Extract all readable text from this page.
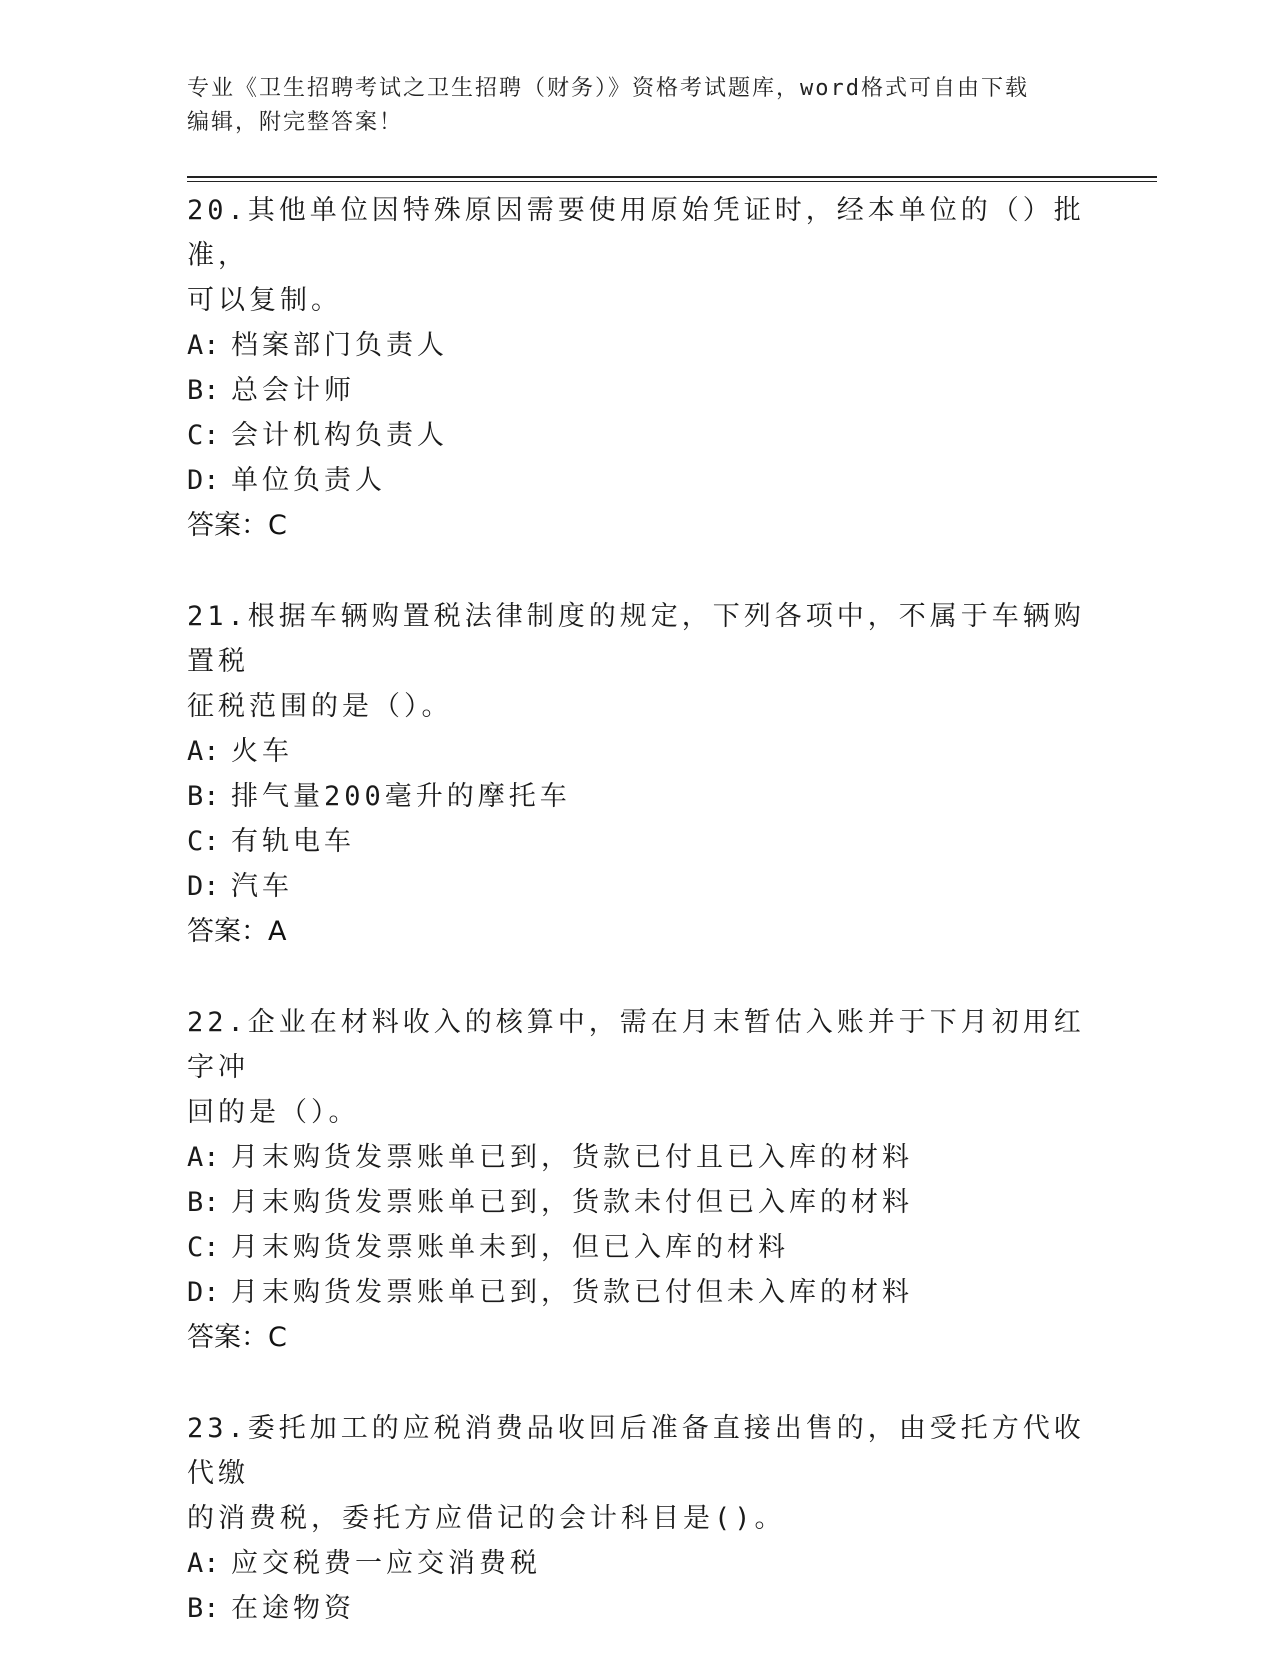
专业《卫生招聘考试之卫生招聘（财务）》资格考试题库，word格式可自由下载
编辑，附完整答案！

20.其他单位因特殊原因需要使用原始凭证时，经本单位的（）批准，

可以复制。

A: 档案部门负责人

B: 总会计师

C: 会计机构负责人

D: 单位负责人

答案：C

21.根据车辆购置税法律制度的规定，下列各项中，不属于车辆购置税

征税范围的是（）。

A: 火车

B: 排气量200毫升的摩托车

C: 有轨电车

D: 汽车

答案：A

22.企业在材料收入的核算中，需在月末暂估入账并于下月初用红字冲

回的是（）。

A: 月末购货发票账单已到，货款已付且已入库的材料

B: 月末购货发票账单已到，货款未付但已入库的材料

C: 月末购货发票账单未到，但已入库的材料

D: 月末购货发票账单已到，货款已付但未入库的材料

答案：C

23.委托加工的应税消费品收回后准备直接出售的，由受托方代收代缴

的消费税，委托方应借记的会计科目是()。

A: 应交税费一应交消费税

B: 在途物资
